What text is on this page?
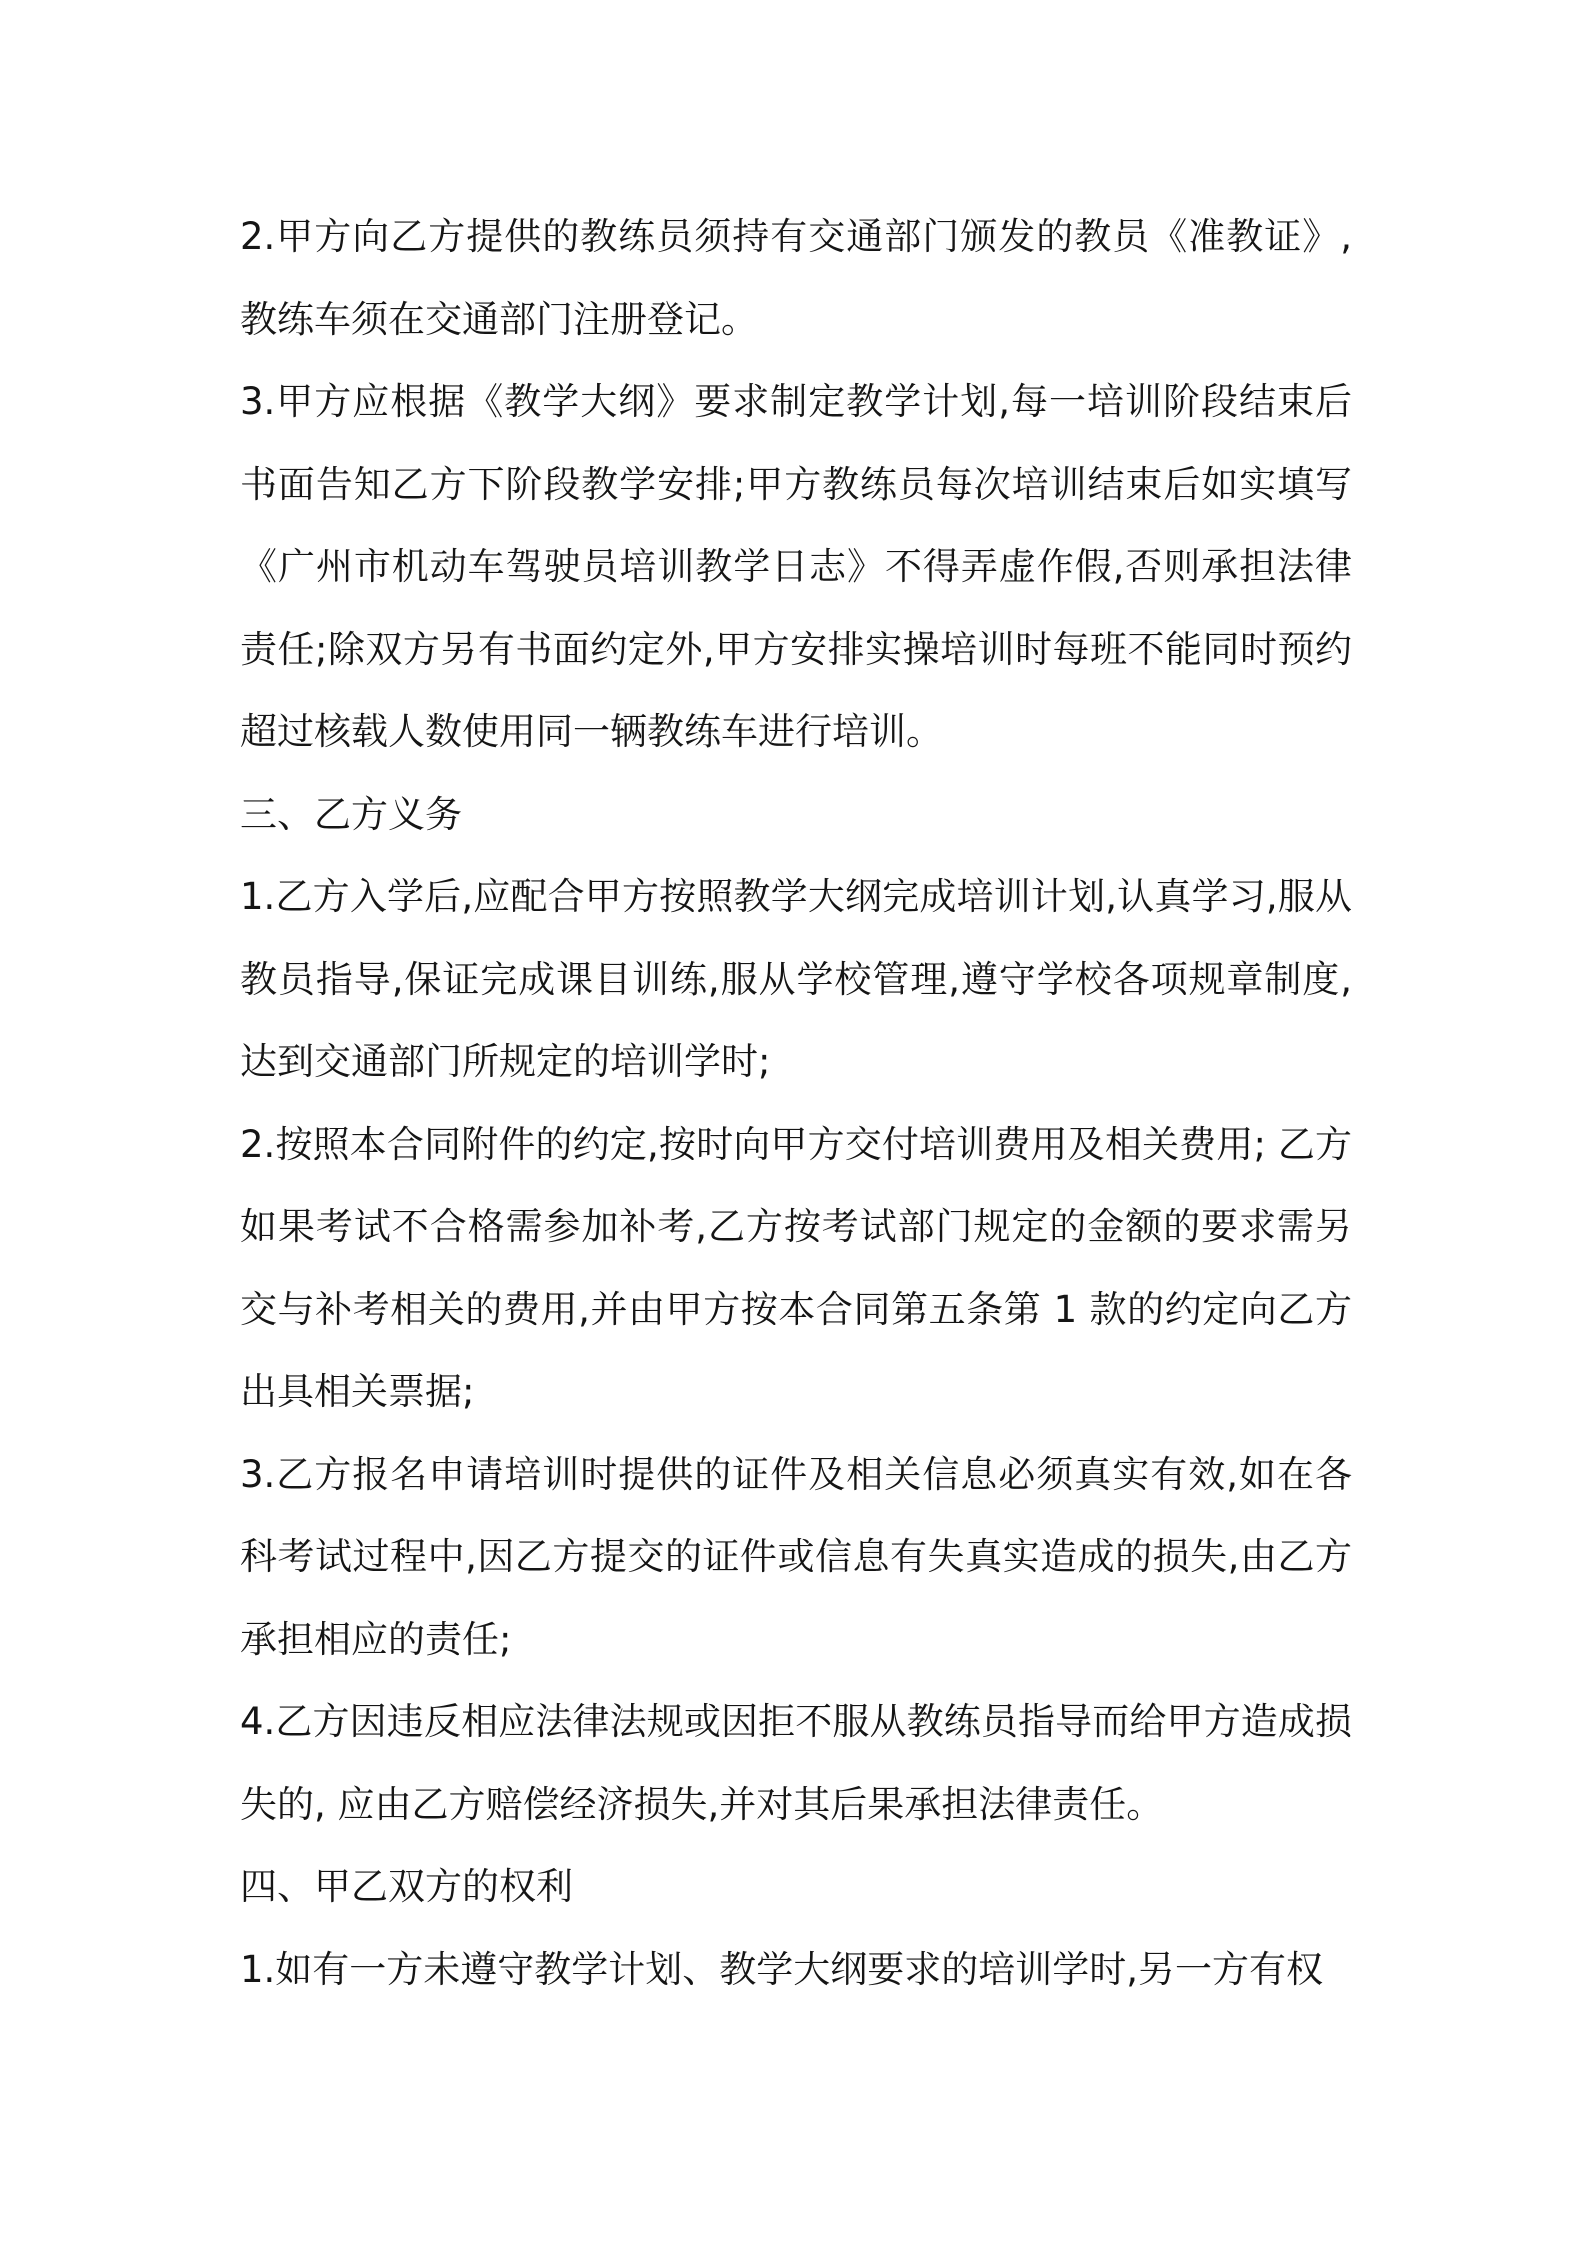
2.甲方向乙方提供的教练员须持有交通部门颁发的教员《准教证》,教练车须在交通部门注册登记。

3.甲方应根据《教学大纲》要求制定教学计划,每一培训阶段结束后书面告知乙方下阶段教学安排;甲方教练员每次培训结束后如实填写《广州市机动车驾驶员培训教学日志》不得弄虚作假,否则承担法律责任;除双方另有书面约定外,甲方安排实操培训时每班不能同时预约超过核载人数使用同一辆教练车进行培训。

三、乙方义务

1.乙方入学后,应配合甲方按照教学大纲完成培训计划,认真学习,服从教员指导,保证完成课目训练,服从学校管理,遵守学校各项规章制度,达到交通部门所规定的培训学时;

2.按照本合同附件的约定,按时向甲方交付培训费用及相关费用; 乙方如果考试不合格需参加补考,乙方按考试部门规定的金额的要求需另交与补考相关的费用,并由甲方按本合同第五条第 1 款的约定向乙方出具相关票据;

3.乙方报名申请培训时提供的证件及相关信息必须真实有效,如在各科考试过程中,因乙方提交的证件或信息有失真实造成的损失,由乙方承担相应的责任;

4.乙方因违反相应法律法规或因拒不服从教练员指导而给甲方造成损失的, 应由乙方赔偿经济损失,并对其后果承担法律责任。

四、甲乙双方的权利

1.如有一方未遵守教学计划、教学大纲要求的培训学时,另一方有权
